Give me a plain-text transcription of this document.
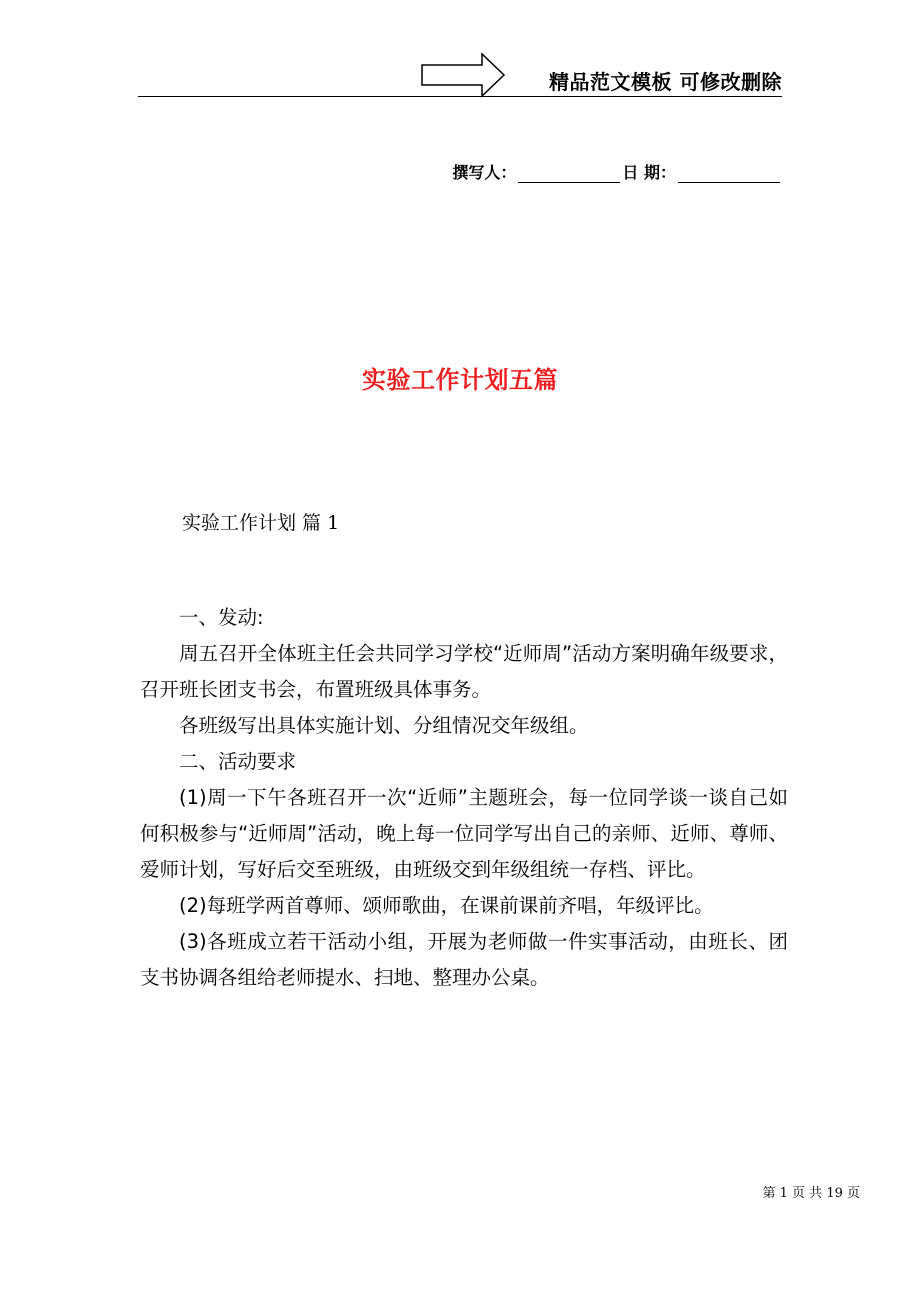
精品范文模板 可修改删除
撰写人：	日 期：
实验工作计划五篇
实验工作计划 篇 1

一、发动:

周五召开全体班主任会共同学习学校“近师周”活动方案明确年级要求，召开班长团支书会，布置班级具体事务。

各班级写出具体实施计划、分组情况交年级组。

二、活动要求

(1)周一下午各班召开一次“近师”主题班会，每一位同学谈一谈自己如何积极参与“近师周”活动，晚上每一位同学写出自己的亲师、近师、尊师、爱师计划，写好后交至班级，由班级交到年级组统一存档、评比。

(2)每班学两首尊师、颂师歌曲，在课前课前齐唱，年级评比。

(3)各班成立若干活动小组，开展为老师做一件实事活动，由班长、团支书协调各组给老师提水、扫地、整理办公桌。

第 1 页 共 19 页
